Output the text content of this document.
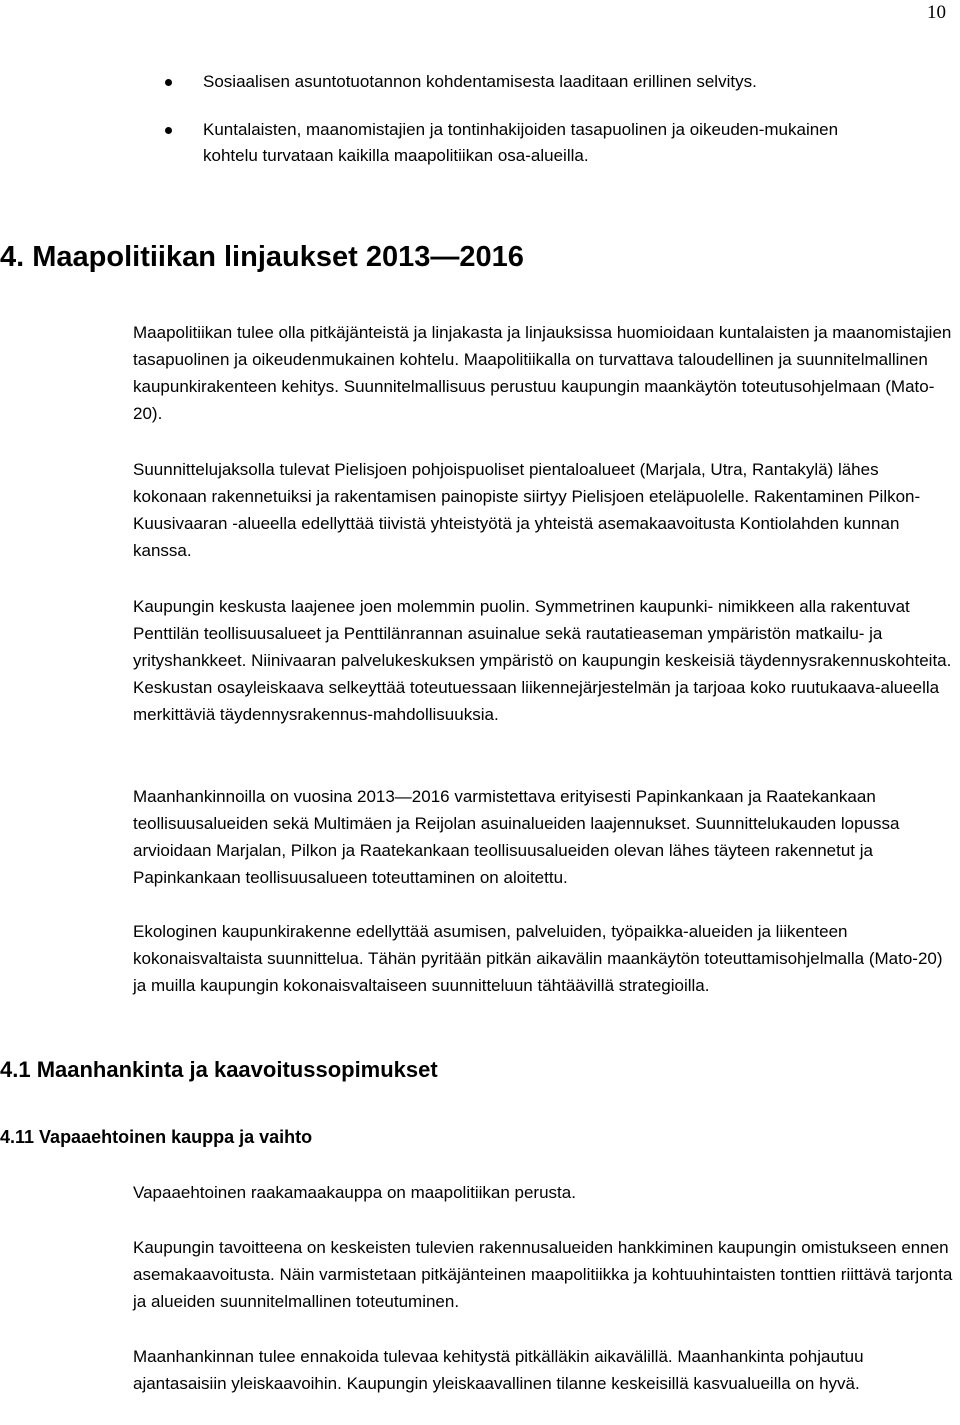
10
Sosiaalisen asuntotuotannon kohdentamisesta laaditaan erillinen selvitys.
Kuntalaisten, maanomistajien ja tontinhakijoiden tasapuolinen ja oikeuden-mukainen kohtelu turvataan kaikilla maapolitiikan osa-alueilla.
4. Maapolitiikan linjaukset 2013—2016

Maapolitiikan tulee olla pitkäjänteistä ja linjakasta ja linjauksissa huomioidaan kuntalaisten ja maanomistajien tasapuolinen ja oikeudenmukainen kohtelu. Maapolitiikalla on turvattava taloudellinen ja suunnitelmallinen kaupunkirakenteen kehitys. Suunnitelmallisuus perustuu kaupungin maankäytön toteutusohjelmaan (Mato-20).

Suunnittelujaksolla tulevat Pielisjoen pohjoispuoliset pientaloalueet (Marjala, Utra, Rantakylä) lähes kokonaan rakennetuiksi ja rakentamisen painopiste siirtyy Pielisjoen eteläpuolelle. Rakentaminen Pilkon- Kuusivaaran -alueella edellyttää tiivistä yhteistyötä ja yhteistä asemakaavoitusta Kontiolahden kunnan kanssa.

Kaupungin keskusta laajenee joen molemmin puolin. Symmetrinen kaupunki- nimikkeen alla rakentuvat Penttilän teollisuusalueet ja Penttilänrannan asuinalue sekä rautatieaseman ympäristön matkailu- ja yrityshankkeet. Niinivaaran palvelukeskuksen ympäristö on kaupungin keskeisiä täydennysrakennuskohteita. Keskustan osayleiskaava selkeyttää toteutuessaan liikennejärjestelmän ja tarjoaa koko ruutukaava-alueella merkittäviä täydennysrakennus-mahdollisuuksia.

Maanhankinnoilla on vuosina 2013—2016 varmistettava erityisesti Papinkankaan ja Raatekankaan teollisuusalueiden sekä Multimäen ja Reijolan asuinalueiden laajennukset. Suunnittelukauden lopussa arvioidaan Marjalan, Pilkon ja Raatekankaan teollisuusalueiden olevan lähes täyteen rakennetut ja Papinkankaan teollisuusalueen toteuttaminen on aloitettu.

Ekologinen kaupunkirakenne edellyttää asumisen, palveluiden, työpaikka-alueiden ja liikenteen kokonaisvaltaista suunnittelua. Tähän pyritään pitkän aikavälin maankäytön toteuttamisohjelmalla (Mato-20) ja muilla kaupungin kokonaisvaltaiseen suunnitteluun tähtäävillä strategioilla.

4.1 Maanhankinta ja kaavoitussopimukset
4.11 Vapaaehtoinen kauppa ja vaihto

Vapaaehtoinen raakamaakauppa on maapolitiikan perusta.

Kaupungin tavoitteena on keskeisten tulevien rakennusalueiden hankkiminen kaupungin omistukseen ennen asemakaavoitusta. Näin varmistetaan pitkäjänteinen maapolitiikka ja kohtuuhintaisten tonttien riittävä tarjonta ja alueiden suunnitelmallinen toteutuminen.

Maanhankinnan tulee ennakoida tulevaa kehitystä pitkälläkin aikavälillä. Maanhankinta pohjautuu ajantasaisiin yleiskaavoihin. Kaupungin yleiskaavallinen tilanne keskeisillä kasvualueilla on hyvä.
